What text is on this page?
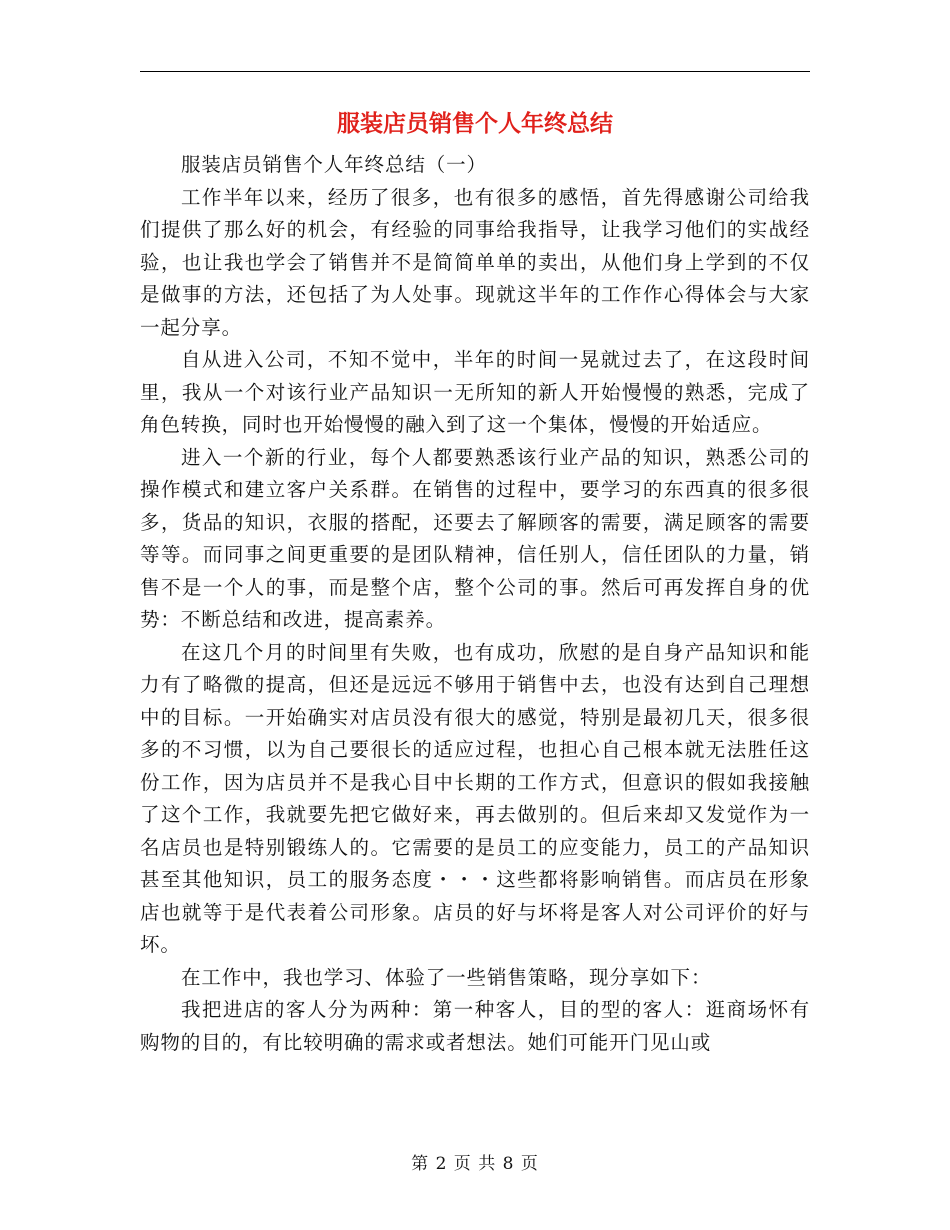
服装店员销售个人年终总结

服装店员销售个人年终总结（一）

工作半年以来，经历了很多，也有很多的感悟，首先得感谢公司给我们提供了那么好的机会，有经验的同事给我指导，让我学习他们的实战经验，也让我也学会了销售并不是简简单单的卖出，从他们身上学到的不仅是做事的方法，还包括了为人处事。现就这半年的工作作心得体会与大家一起分享。

自从进入公司，不知不觉中，半年的时间一晃就过去了，在这段时间里，我从一个对该行业产品知识一无所知的新人开始慢慢的熟悉，完成了角色转换，同时也开始慢慢的融入到了这一个集体，慢慢的开始适应。

进入一个新的行业，每个人都要熟悉该行业产品的知识，熟悉公司的操作模式和建立客户关系群。在销售的过程中，要学习的东西真的很多很多，货品的知识，衣服的搭配，还要去了解顾客的需要，满足顾客的需要等等。而同事之间更重要的是团队精神，信任别人，信任团队的力量，销售不是一个人的事，而是整个店，整个公司的事。然后可再发挥自身的优势：不断总结和改进，提高素养。

在这几个月的时间里有失败，也有成功，欣慰的是自身产品知识和能力有了略微的提高，但还是远远不够用于销售中去，也没有达到自己理想中的目标。一开始确实对店员没有很大的感觉，特别是最初几天，很多很多的不习惯，以为自己要很长的适应过程，也担心自己根本就无法胜任这份工作，因为店员并不是我心目中长期的工作方式，但意识的假如我接触了这个工作，我就要先把它做好来，再去做别的。但后来却又发觉作为一名店员也是特别锻练人的。它需要的是员工的应变能力，员工的产品知识甚至其他知识，员工的服务态度・・・这些都将影响销售。而店员在形象店也就等于是代表着公司形象。店员的好与坏将是客人对公司评价的好与坏。

在工作中，我也学习、体验了一些销售策略，现分享如下：

我把进店的客人分为两种：第一种客人，目的型的客人：逛商场怀有购物的目的，有比较明确的需求或者想法。她们可能开门见山或

第 2 页 共 8 页
